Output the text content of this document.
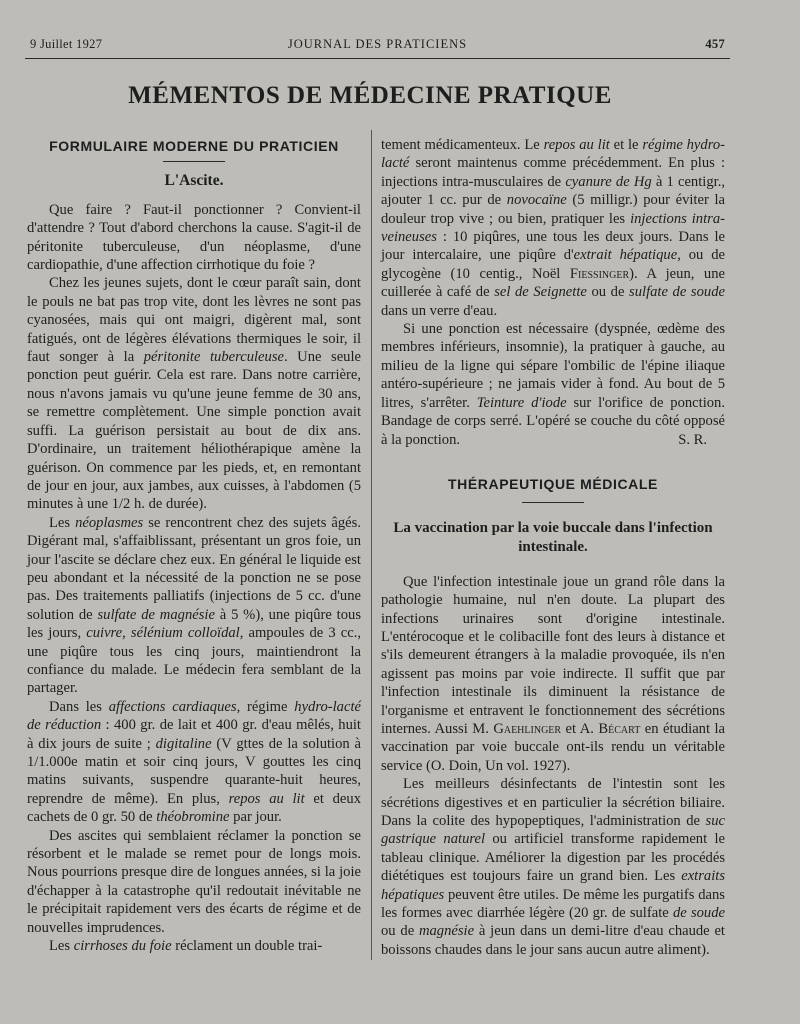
9 Juillet 1927	JOURNAL DES PRATICIENS	457
MÉMENTOS DE MÉDECINE PRATIQUE
FORMULAIRE MODERNE DU PRATICIEN
L'Ascite.

Que faire ? Faut-il ponctionner ? Convient-il d'attendre ? Tout d'abord cherchons la cause. S'agit-il de péritonite tuberculeuse, d'un néoplasme, d'une cardiopathie, d'une affection cirrhotique du foie ?

Chez les jeunes sujets, dont le cœur paraît sain, dont le pouls ne bat pas trop vite, dont les lèvres ne sont pas cyanosées, mais qui ont maigri, digèrent mal, sont fatigués, ont de légères élévations thermiques le soir, il faut songer à la péritonite tuberculeuse. Une seule ponction peut guérir. Cela est rare. Dans notre carrière, nous n'avons jamais vu qu'une jeune femme de 30 ans, se remettre complètement. Une simple ponction avait suffi. La guérison persistait au bout de dix ans. D'ordinaire, un traitement héliothérapique amène la guérison. On commence par les pieds, et, en remontant de jour en jour, aux jambes, aux cuisses, à l'abdomen (5 minutes à une 1/2 h. de durée).

Les néoplasmes se rencontrent chez des sujets âgés. Digérant mal, s'affaiblissant, présentant un gros foie, un jour l'ascite se déclare chez eux. En général le liquide est peu abondant et la nécessité de la ponction ne se pose pas. Des traitements palliatifs (injections de 5 cc. d'une solution de sulfate de magnésie à 5 %), une piqûre tous les jours, cuivre, sélénium colloïdal, ampoules de 3 cc., une piqûre tous les cinq jours, maintiendront la confiance du malade. Le médecin fera semblant de la partager.

Dans les affections cardiaques, régime hydro-lacté de réduction : 400 gr. de lait et 400 gr. d'eau mêlés, huit à dix jours de suite ; digitaline (V gttes de la solution à 1/1.000e matin et soir cinq jours, V gouttes les cinq matins suivants, suspendre quarante-huit heures, reprendre de même). En plus, repos au lit et deux cachets de 0 gr. 50 de théobromine par jour.

Des ascites qui semblaient réclamer la ponction se résorbent et le malade se remet pour de longs mois. Nous pourrions presque dire de longues années, si la joie d'échapper à la catastrophe qu'il redoutait inévitable ne le précipitait rapidement vers des écarts de régime et de nouvelles imprudences.

Les cirrhoses du foie réclament un double trai-

tement médicamenteux. Le repos au lit et le régime hydro-lacté seront maintenus comme précédemment. En plus : injections intra-musculaires de cyanure de Hg à 1 centigr., ajouter 1 cc. pur de novocaïne (5 milligr.) pour éviter la douleur trop vive ; ou bien, pratiquer les injections intra-veineuses : 10 piqûres, une tous les deux jours. Dans le jour intercalaire, une piqûre d'extrait hépatique, ou de glycogène (10 centig., Noël Fiessinger). A jeun, une cuillerée à café de sel de Seignette ou de sulfate de soude dans un verre d'eau.

Si une ponction est nécessaire (dyspnée, œdème des membres inférieurs, insomnie), la pratiquer à gauche, au milieu de la ligne qui sépare l'ombilic de l'épine iliaque antéro-supérieure ; ne jamais vider à fond. Au bout de 5 litres, s'arrêter. Teinture d'iode sur l'orifice de ponction. Bandage de corps serré. L'opéré se couche du côté opposé à la ponction.	S. R.
THÉRAPEUTIQUE MÉDICALE
La vaccination par la voie buccale dans l'infection intestinale.

Que l'infection intestinale joue un grand rôle dans la pathologie humaine, nul n'en doute. La plupart des infections urinaires sont d'origine intestinale. L'entérocoque et le colibacille font des leurs à distance et s'ils demeurent étrangers à la maladie provoquée, ils n'en agissent pas moins par voie indirecte. Il suffit que par l'infection intestinale ils diminuent la résistance de l'organisme et entravent le fonctionnement des sécrétions internes. Aussi M. Gaehlinger et A. Bécart en étudiant la vaccination par voie buccale ont-ils rendu un véritable service (O. Doin, Un vol. 1927).

Les meilleurs désinfectants de l'intestin sont les sécrétions digestives et en particulier la sécrétion biliaire. Dans la colite des hypopeptiques, l'administration de suc gastrique naturel ou artificiel transforme rapidement le tableau clinique. Améliorer la digestion par les procédés diététiques est toujours faire un grand bien. Les extraits hépatiques peuvent être utiles. De même les purgatifs dans les formes avec diarrhée légère (20 gr. de sulfate de soude ou de magnésie à jeun dans un demi-litre d'eau chaude et boissons chaudes dans le jour sans aucun autre aliment).
